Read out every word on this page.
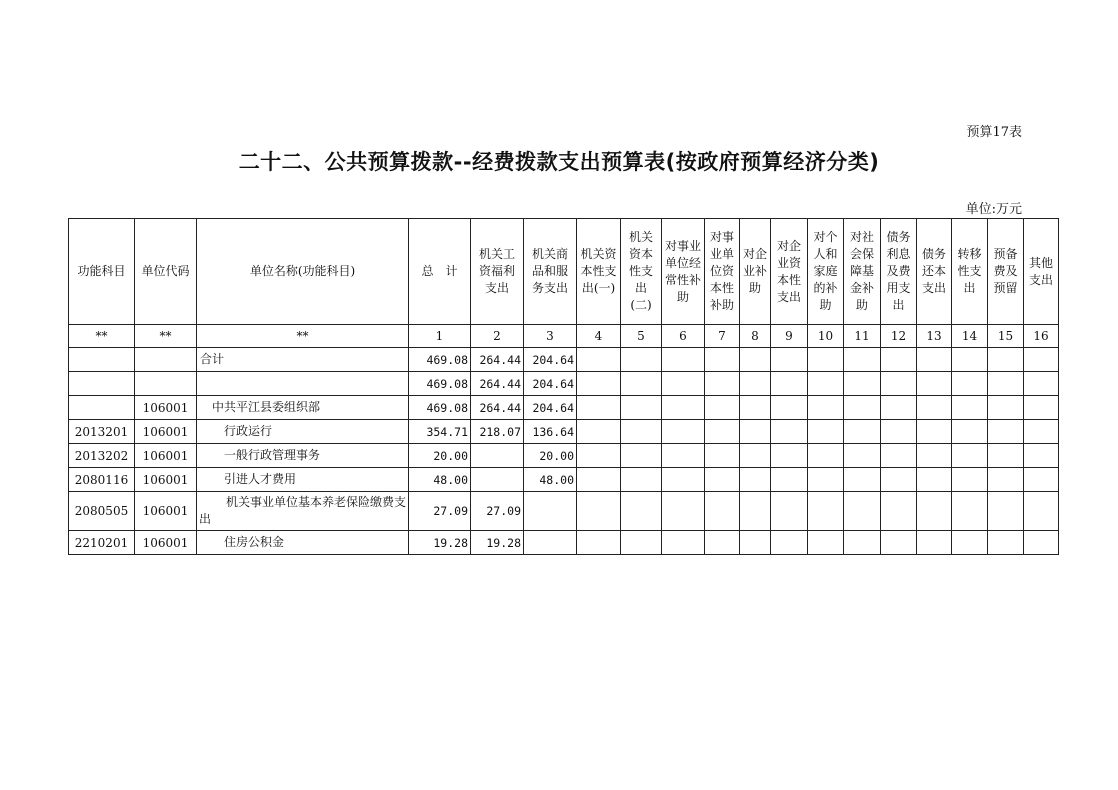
预算17表
二十二、公共预算拨款--经费拨款支出预算表(按政府预算经济分类)
单位:万元
功能科目	单位代码	单位名称(功能科目)	总　计	机关工
资福利
支出	机关商
品和服
务支出	机关资
本性支
出(一)	机关
资本
性支
出
(二)	对事业
单位经
常性补
助	对事
业单
位资
本性
补助	对企
业补
助	对企
业资
本性
支出	对个
人和
家庭
的补
助	对社
会保
障基
金补
助	债务
利息
及费
用支
出	债务
还本
支出	转移
性支
出	预备
费及
预留	其他
支出

**	**	**	1	2	3	4	5	6	7	8	9	10	11	12	13	14	15	16
		合计	469.08	264.44	204.64													
			469.08	264.44	204.64													
	106001	中共平江县委组织部	469.08	264.44	204.64													
2013201	106001	行政运行	354.71	218.07	136.64													
2013202	106001	一般行政管理事务	20.00		20.00													
2080116	106001	引进人才费用	48.00		48.00													
2080505	106001	机关事业单位基本养老保险缴费支出	27.09	27.09														
2210201	106001	住房公积金	19.28	19.28														
